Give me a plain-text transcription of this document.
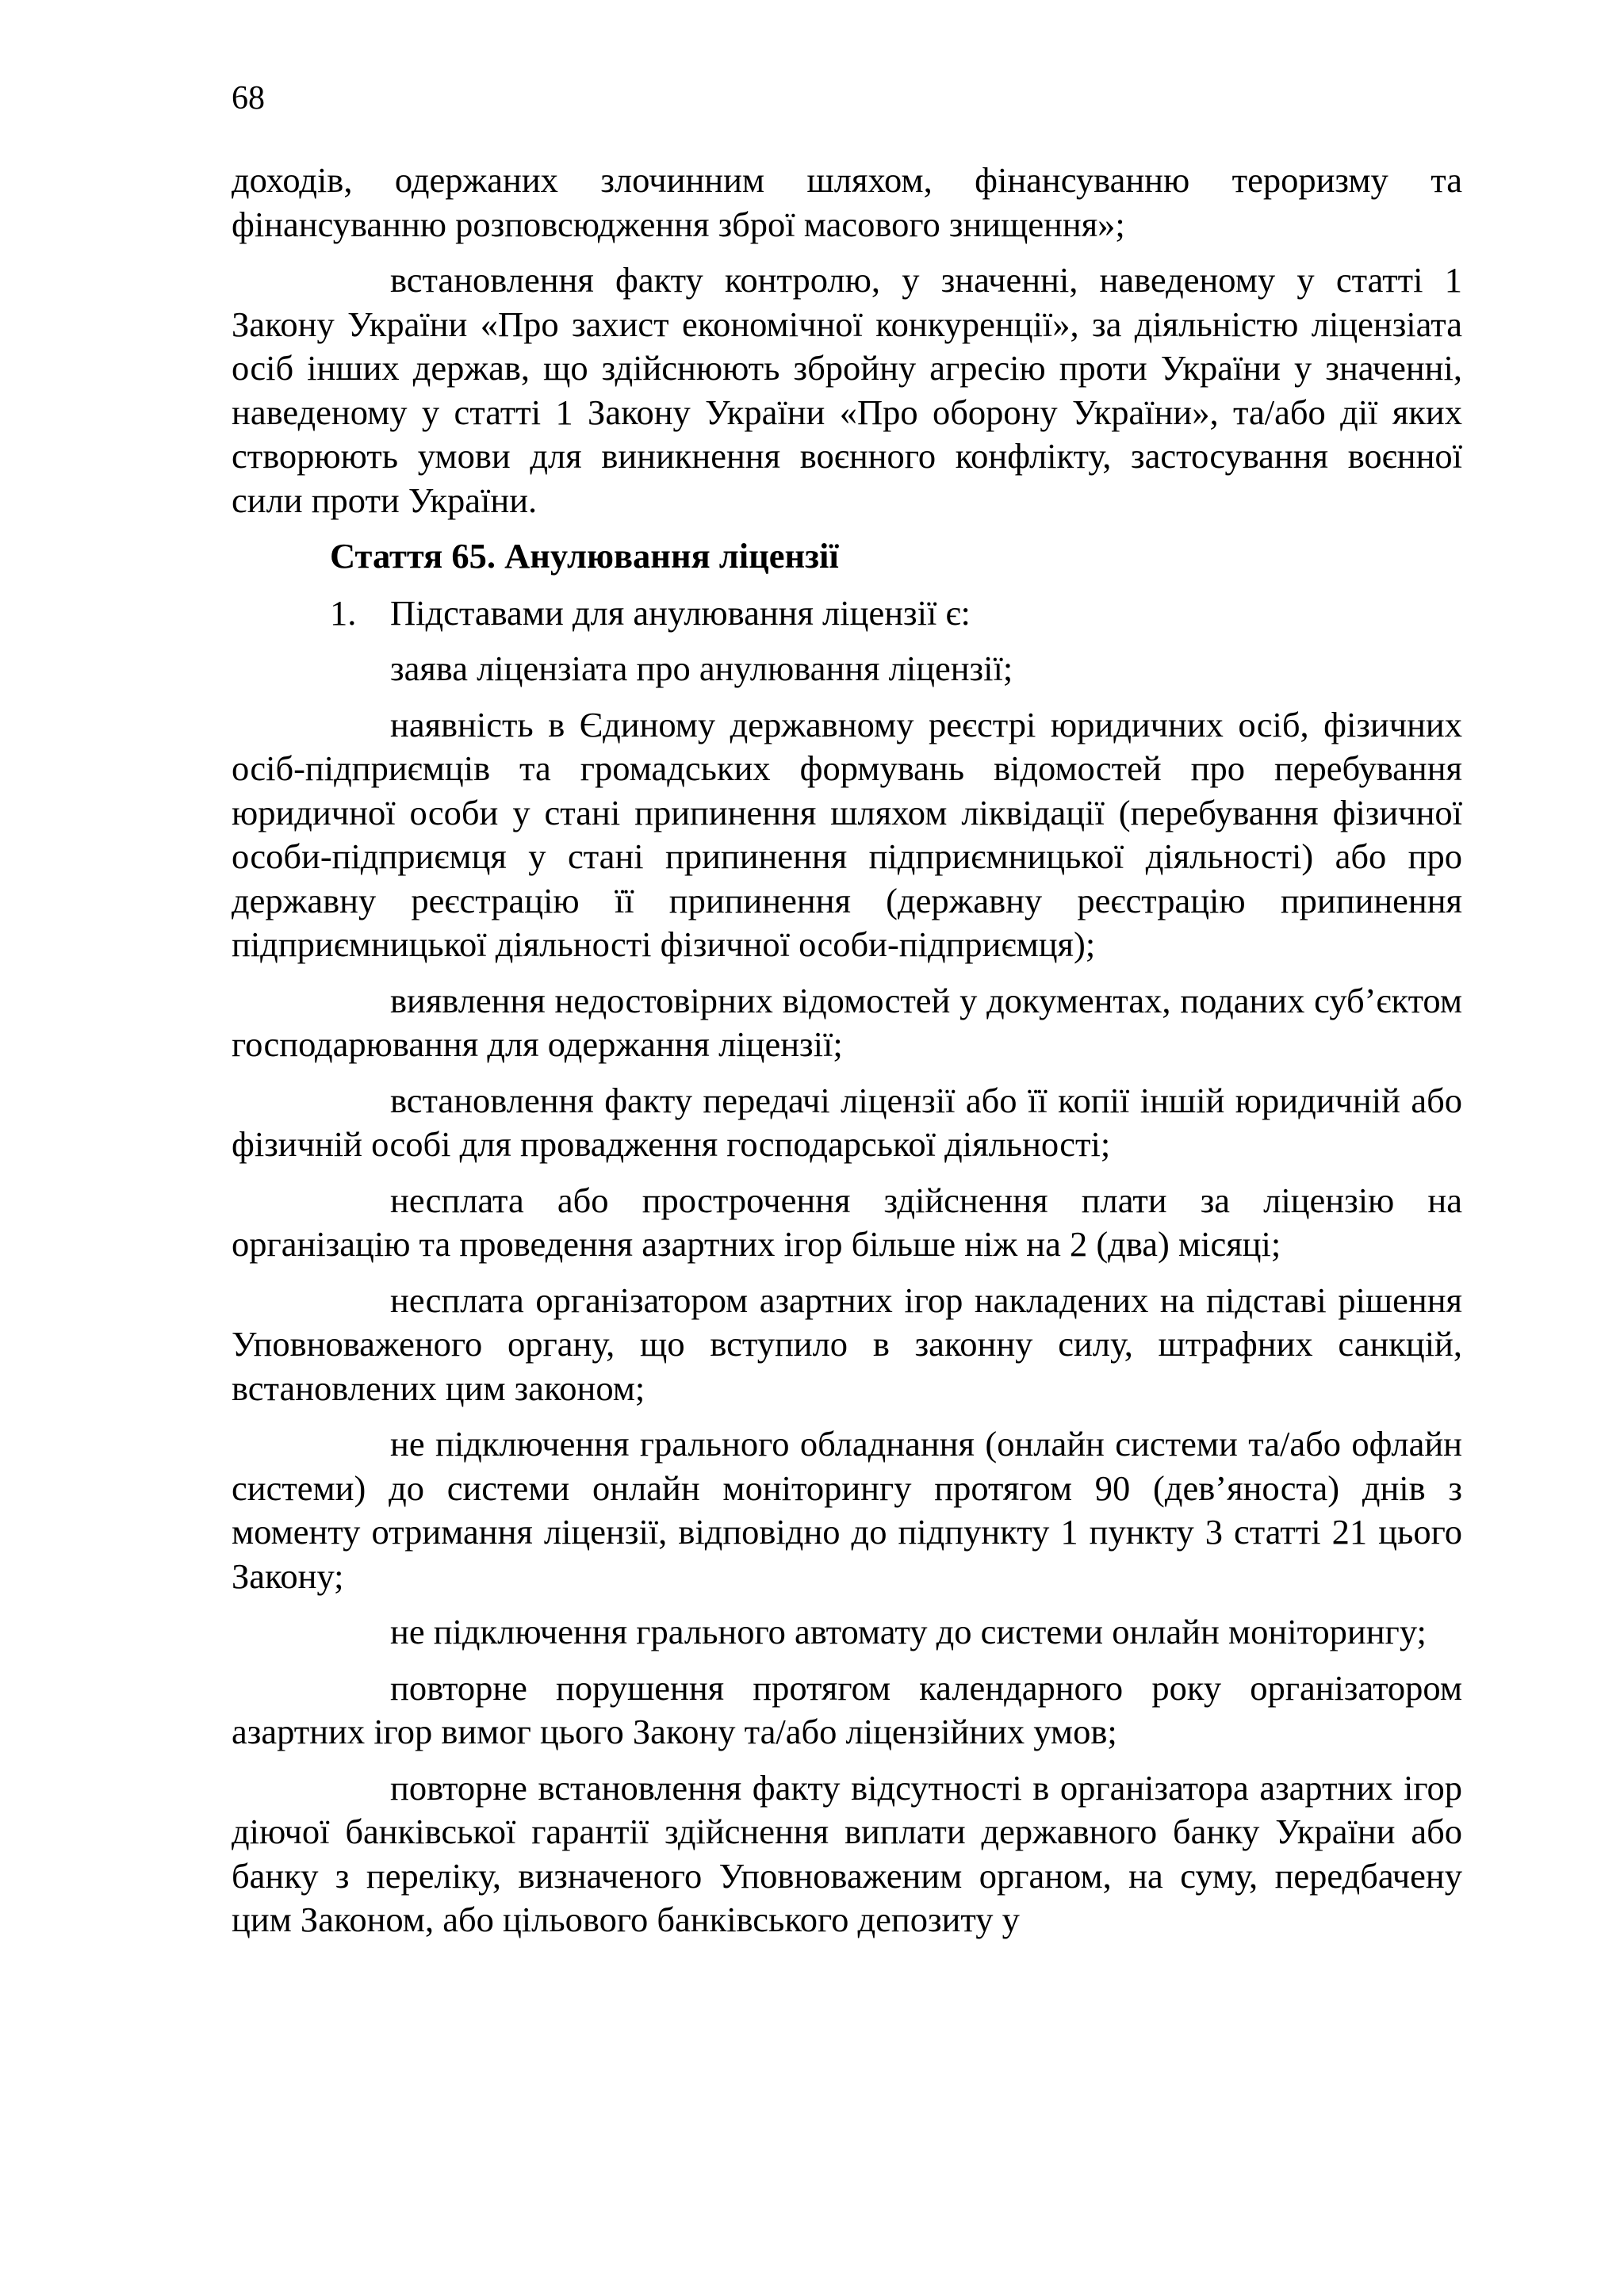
68

доходів, одержаних злочинним шляхом, фінансуванню тероризму та фінансуванню розповсюдження зброї масового знищення»;

встановлення факту контролю, у значенні, наведеному у статті 1 Закону України «Про захист економічної конкуренції», за діяльністю ліцензіата осіб інших держав, що здійснюють збройну агресію проти України у значенні, наведеному у статті 1 Закону України «Про оборону України», та/або дії яких створюють умови для виникнення воєнного конфлікту, застосування воєнної сили проти України.

Стаття 65. Анулювання ліцензії

1. Підставами для анулювання ліцензії є:

заява ліцензіата про анулювання ліцензії;

наявність в Єдиному державному реєстрі юридичних осіб, фізичних осіб-підприємців та громадських формувань відомостей про перебування юридичної особи у стані припинення шляхом ліквідації (перебування фізичної особи-підприємця у стані припинення підприємницької діяльності) або про державну реєстрацію її припинення (державну реєстрацію припинення підприємницької діяльності фізичної особи-підприємця);

виявлення недостовірних відомостей у документах, поданих суб’єктом господарювання для одержання ліцензії;

встановлення факту передачі ліцензії або її копії іншій юридичній або фізичній особі для провадження господарської діяльності;

несплата або прострочення здійснення плати за ліцензію на організацію та проведення азартних ігор більше ніж на 2 (два) місяці;

несплата організатором азартних ігор накладених на підставі рішення Уповноваженого органу, що вступило в законну силу, штрафних санкцій, встановлених цим законом;

не підключення грального обладнання (онлайн системи та/або офлайн системи) до системи онлайн моніторингу протягом 90 (дев’яноста) днів з моменту отримання ліцензії, відповідно до підпункту 1 пункту 3 статті 21 цього Закону;

не підключення грального автомату до системи онлайн моніторингу;

повторне порушення протягом календарного року організатором азартних ігор вимог цього Закону та/або ліцензійних умов;

повторне встановлення факту відсутності в організатора азартних ігор діючої банківської гарантії здійснення виплати державного банку України або банку з переліку, визначеного Уповноваженим органом, на суму, передбачену цим Законом, або цільового банківського депозиту у
